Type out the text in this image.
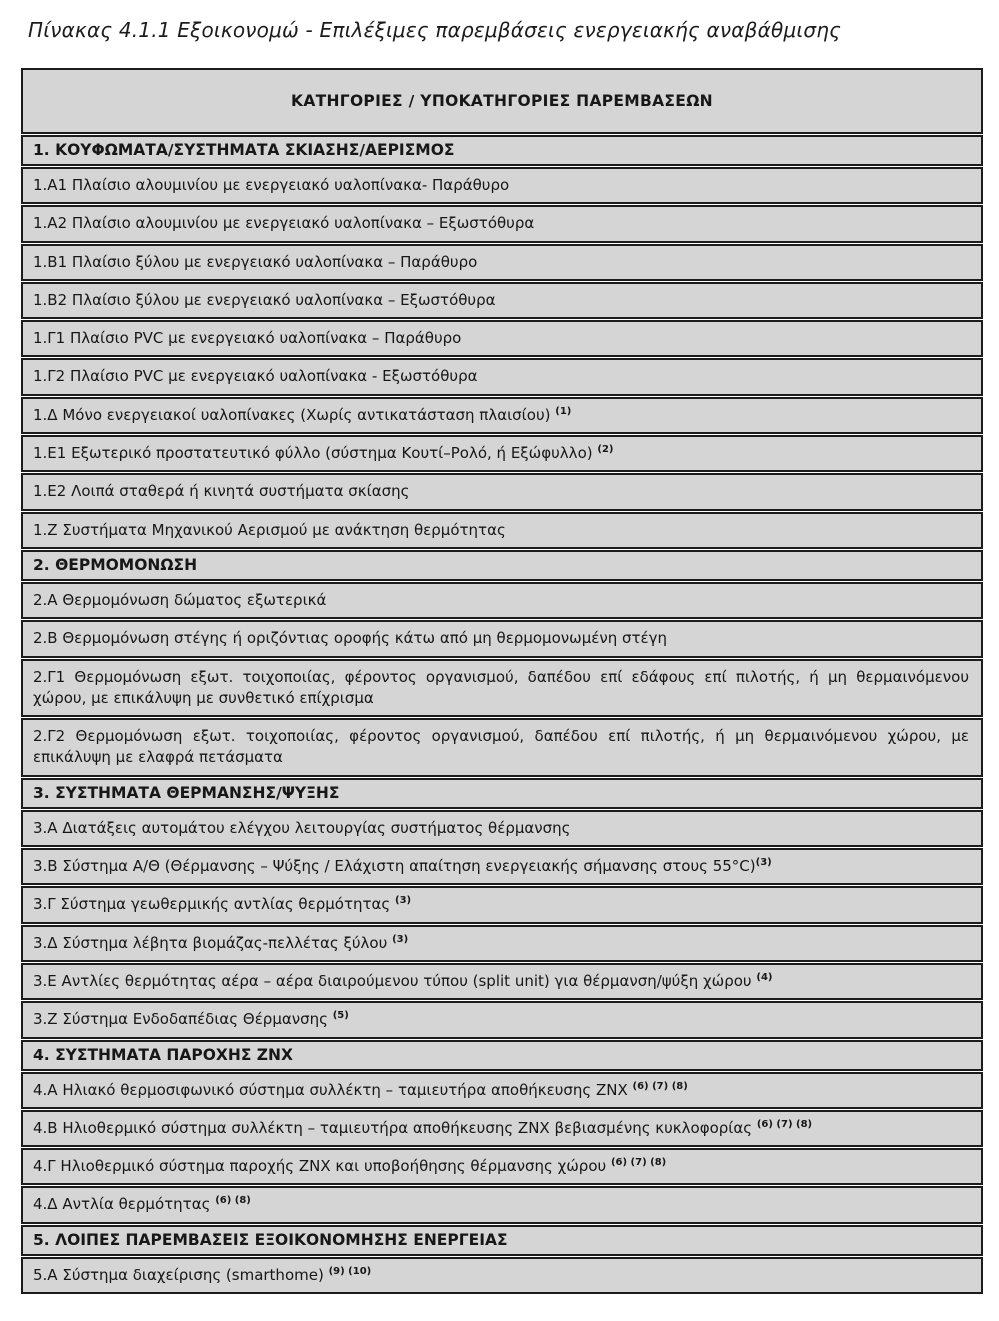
Πίνακας 4.1.1 Εξοικονομώ - Επιλέξιμες παρεμβάσεις ενεργειακής αναβάθμισης
ΚΑΤΗΓΟΡΙΕΣ / ΥΠΟΚΑΤΗΓΟΡΙΕΣ ΠΑΡΕΜΒΑΣΕΩΝ
1. ΚΟΥΦΩΜΑΤΑ/ΣΥΣΤΗΜΑΤΑ ΣΚΙΑΣΗΣ/ΑΕΡΙΣΜΟΣ
1.Α1 Πλαίσιο αλουμινίου με ενεργειακό υαλοπίνακα- Παράθυρο
1.Α2 Πλαίσιο αλουμινίου με ενεργειακό υαλοπίνακα – Εξωστόθυρα
1.Β1 Πλαίσιο ξύλου με ενεργειακό υαλοπίνακα – Παράθυρο
1.Β2 Πλαίσιο ξύλου με ενεργειακό υαλοπίνακα – Εξωστόθυρα
1.Γ1 Πλαίσιο PVC με ενεργειακό υαλοπίνακα – Παράθυρο
1.Γ2 Πλαίσιο PVC με ενεργειακό υαλοπίνακα - Εξωστόθυρα
1.Δ Μόνο ενεργειακοί υαλοπίνακες (Χωρίς αντικατάσταση πλαισίου) $^{(1)}$
1.Ε1 Εξωτερικό προστατευτικό φύλλο (σύστημα Κουτί–Ρολό, ή Εξώφυλλο) $^{(2)}$
1.Ε2 Λοιπά σταθερά ή κινητά συστήματα σκίασης
1.Ζ Συστήματα Μηχανικού Αερισμού με ανάκτηση θερμότητας
2. ΘΕΡΜΟΜΟΝΩΣΗ
2.Α Θερμομόνωση δώματος εξωτερικά
2.Β Θερμομόνωση στέγης ή οριζόντιας οροφής κάτω από μη θερμομονωμένη στέγη
2.Γ1 Θερμομόνωση εξωτ. τοιχοποιίας, φέροντος οργανισμού, δαπέδου επί εδάφους επί πιλοτής, ή μη θερμαινόμενου χώρου, με επικάλυψη με συνθετικό επίχρισμα
2.Γ2 Θερμομόνωση εξωτ. τοιχοποιίας, φέροντος οργανισμού, δαπέδου επί πιλοτής, ή μη θερμαινόμενου χώρου, με επικάλυψη με ελαφρά πετάσματα
3. ΣΥΣΤΗΜΑΤΑ ΘΕΡΜΑΝΣΗΣ/ΨΥΞΗΣ
3.Α Διατάξεις αυτομάτου ελέγχου λειτουργίας συστήματος θέρμανσης
3.Β Σύστημα Α/Θ (Θέρμανσης – Ψύξης / Ελάχιστη απαίτηση ενεργειακής σήμανσης στους 55°C)$^{(3)}$
3.Γ Σύστημα γεωθερμικής αντλίας θερμότητας $^{(3)}$
3.Δ Σύστημα λέβητα βιομάζας-πελλέτας ξύλου $^{(3)}$
3.Ε Αντλίες θερμότητας αέρα – αέρα διαιρούμενου τύπου (split unit) για θέρμανση/ψύξη χώρου $^{(4)}$
3.Ζ Σύστημα Ενδοδαπέδιας Θέρμανσης $^{(5)}$
4. ΣΥΣΤΗΜΑΤΑ ΠΑΡΟΧΗΣ ΖΝΧ
4.Α Ηλιακό θερμοσιφωνικό σύστημα συλλέκτη – ταμιευτήρα αποθήκευσης ΖΝΧ $^{(6) (7) (8)}$
4.Β Ηλιοθερμικό σύστημα συλλέκτη – ταμιευτήρα αποθήκευσης ΖΝΧ βεβιασμένης κυκλοφορίας $^{(6) (7) (8)}$
4.Γ Ηλιοθερμικό σύστημα παροχής ΖΝΧ και υποβοήθησης θέρμανσης χώρου $^{(6) (7) (8)}$
4.Δ Αντλία θερμότητας $^{(6) (8)}$
5. ΛΟΙΠΕΣ ΠΑΡΕΜΒΑΣΕΙΣ ΕΞΟΙΚΟΝΟΜΗΣΗΣ ΕΝΕΡΓΕΙΑΣ
5.Α Σύστημα διαχείρισης (smarthome) $^{(9) (10)}$
